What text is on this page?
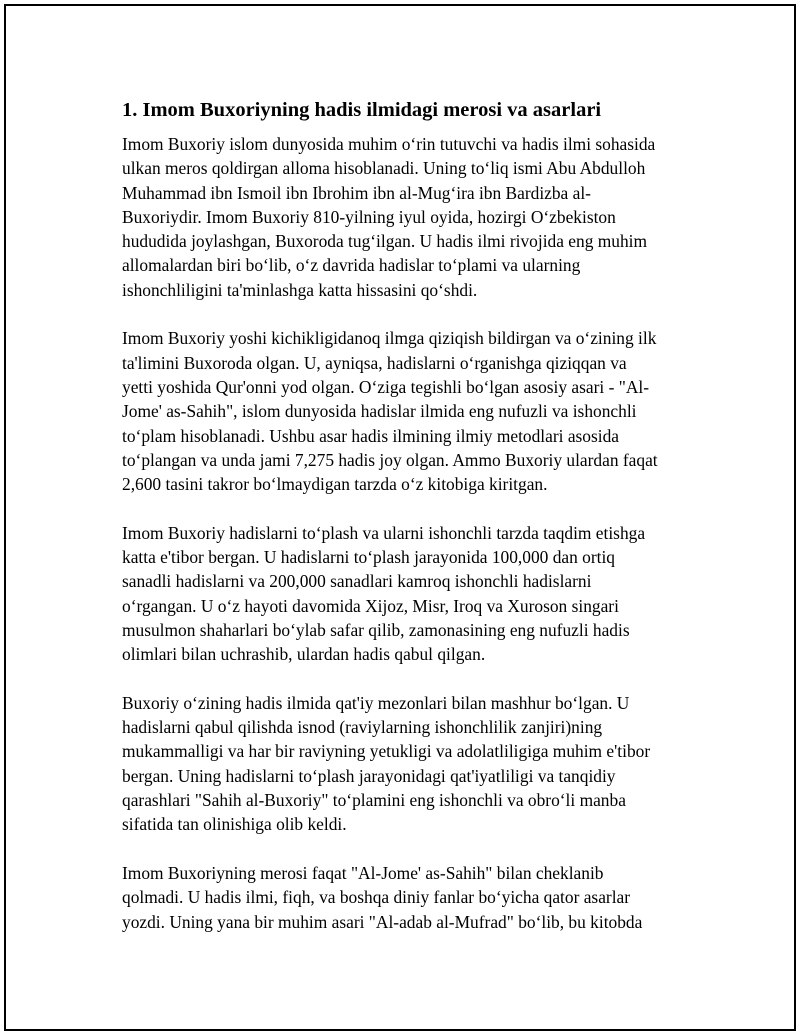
1. Imom Buxoriyning hadis ilmidagi merosi va asarlari

Imom Buxoriy islom dunyosida muhim o‘rin tutuvchi va hadis ilmi sohasida
ulkan meros qoldirgan alloma hisoblanadi. Uning to‘liq ismi Abu Abdulloh
Muhammad ibn Ismoil ibn Ibrohim ibn al-Mug‘ira ibn Bardizba al-
Buxoriydir. Imom Buxoriy 810-yilning iyul oyida, hozirgi O‘zbekiston
hududida joylashgan, Buxoroda tug‘ilgan. U hadis ilmi rivojida eng muhim
allomalardan biri bo‘lib, o‘z davrida hadislar to‘plami va ularning
ishonchliligini ta'minlashga katta hissasini qo‘shdi.

Imom Buxoriy yoshi kichikligidanoq ilmga qiziqish bildirgan va o‘zining ilk
ta'limini Buxoroda olgan. U, ayniqsa, hadislarni o‘rganishga qiziqqan va
yetti yoshida Qur'onni yod olgan. O‘ziga tegishli bo‘lgan asosiy asari - "Al-
Jome' as-Sahih", islom dunyosida hadislar ilmida eng nufuzli va ishonchli
to‘plam hisoblanadi. Ushbu asar hadis ilmining ilmiy metodlari asosida
to‘plangan va unda jami 7,275 hadis joy olgan. Ammo Buxoriy ulardan faqat
2,600 tasini takror bo‘lmaydigan tarzda o‘z kitobiga kiritgan.

Imom Buxoriy hadislarni to‘plash va ularni ishonchli tarzda taqdim etishga
katta e'tibor bergan. U hadislarni to‘plash jarayonida 100,000 dan ortiq
sanadli hadislarni va 200,000 sanadlari kamroq ishonchli hadislarni
o‘rgangan. U o‘z hayoti davomida Xijoz, Misr, Iroq va Xuroson singari
musulmon shaharlari bo‘ylab safar qilib, zamonasining eng nufuzli hadis
olimlari bilan uchrashib, ulardan hadis qabul qilgan.

Buxoriy o‘zining hadis ilmida qat'iy mezonlari bilan mashhur bo‘lgan. U
hadislarni qabul qilishda isnod (raviylarning ishonchlilik zanjiri)ning
mukammalligi va har bir raviyning yetukligi va adolatliligiga muhim e'tibor
bergan. Uning hadislarni to‘plash jarayonidagi qat'iyatliligi va tanqidiy
qarashlari "Sahih al-Buxoriy" to‘plamini eng ishonchli va obro‘li manba
sifatida tan olinishiga olib keldi.

Imom Buxoriyning merosi faqat "Al-Jome' as-Sahih" bilan cheklanib
qolmadi. U hadis ilmi, fiqh, va boshqa diniy fanlar bo‘yicha qator asarlar
yozdi. Uning yana bir muhim asari "Al-adab al-Mufrad" bo‘lib, bu kitobda
